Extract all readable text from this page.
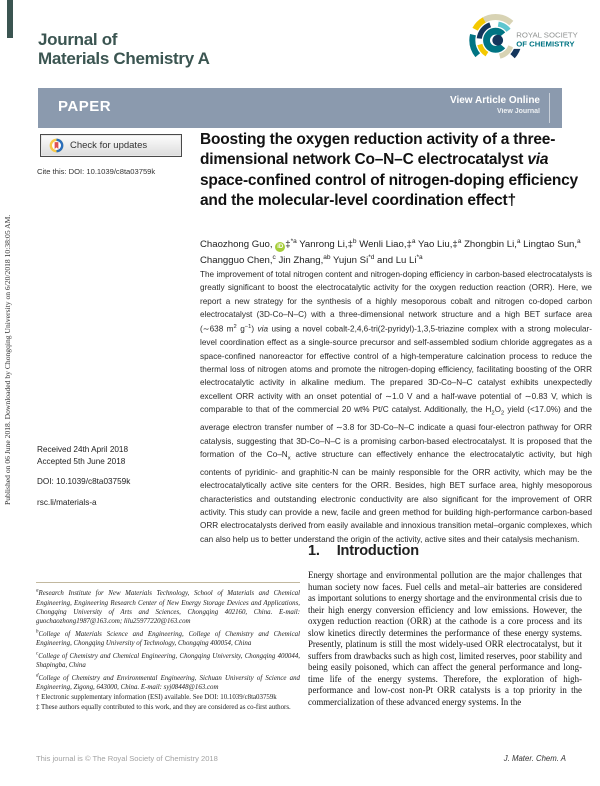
Published on 06 June 2018. Downloaded by Chongqing University on 6/20/2018 10:38:05 AM.
Journal of
Materials Chemistry A
ROYAL SOCIETY
OF CHEMISTRY
PAPER	View Article Online
View Journal
Check for updates
Cite this: DOI: 10.1039/c8ta03759k
Boosting the oxygen reduction activity of a three-dimensional network Co–N–C electrocatalyst via space-confined control of nitrogen-doping efficiency and the molecular-level coordination effect†
Chaozhong Guo, iD ‡$^{*a}$ Yanrong Li,‡$^b$ Wenli Liao,‡$^a$ Yao Liu,‡$^a$ Zhongbin Li,$^a$ Lingtao Sun,$^a$ Changguo Chen,$^c$ Jin Zhang,$^{ab}$ Yujun Si$^{*d}$ and Lu Li$^{*a}$
The improvement of total nitrogen content and nitrogen-doping efficiency in carbon-based electrocatalysts is greatly significant to boost the electrocatalytic activity for the oxygen reduction reaction (ORR). Here, we report a new strategy for the synthesis of a highly mesoporous cobalt and nitrogen co-doped carbon electrocatalyst (3D-Co–N–C) with a three-dimensional network structure and a high BET surface area (∼638 $m^2$ $g^{-1}$) via using a novel cobalt-2,4,6-tri(2-pyridyl)-1,3,5-triazine complex with a strong molecular-level coordination effect as a single-source precursor and self-assembled sodium chloride aggregates as a space-confined nanoreactor for effective control of a high-temperature calcination process to reduce the thermal loss of nitrogen atoms and promote the nitrogen-doping efficiency, facilitating boosting of the ORR electrocatalytic activity in alkaline medium. The prepared 3D-Co–N–C catalyst exhibits unexpectedly excellent ORR activity with an onset potential of ∼1.0 V and a half-wave potential of ∼0.83 V, which is comparable to that of the commercial 20 wt% Pt/C catalyst. Additionally, the $H_2O_2$ yield (<17.0%) and the average electron transfer number of ∼3.8 for 3D-Co–N–C indicate a quasi four-electron pathway for ORR catalysis, suggesting that 3D-Co–N–C is a promising carbon-based electrocatalyst. It is proposed that the formation of the $Co-N_x$ active structure can effectively enhance the electrocatalytic activity, but high contents of pyridinic- and graphitic-N can be mainly responsible for the ORR activity, which may be the electrocatalytically active site centers for the ORR. Besides, high BET surface area, highly mesoporous characteristics and outstanding electronic conductivity are also significant for the improvement of ORR activity. This study can provide a new, facile and green method for building high-performance carbon-based ORR electrocatalysts derived from easily available and innoxious transition metal–organic complexes, which can also help us to better understand the origin of the activity, active sites and their catalysis mechanism.
Received 24th April 2018
Accepted 5th June 2018
DOI: 10.1039/c8ta03759k
rsc.li/materials-a
$^a$Research Institute for New Materials Technology, School of Materials and Chemical Engineering, Engineering Research Center of New Energy Storage Devices and Applications, Chongqing University of Arts and Sciences, Chongqing 402160, China. E-mail: guochaozhong1987@163.com; lilu25977220@163.com
$^b$College of Materials Science and Engineering, College of Chemistry and Chemical Engineering, Chongqing University of Technology, Chongqing 400054, China
$^c$College of Chemistry and Chemical Engineering, Chongqing University, Chongqing 400044, Shapingba, China
$^d$College of Chemistry and Environmental Engineering, Sichuan University of Science and Engineering, Zigong, 643000, China. E-mail: syj08448@163.com
† Electronic supplementary information (ESI) available. See DOI: 10.1039/c8ta03759k
‡ These authors equally contributed to this work, and they are considered as co-first authors.
1. Introduction
Energy shortage and environmental pollution are the major challenges that human society now faces. Fuel cells and metal–air batteries are considered as important solutions to energy shortage and the environmental crisis due to their high energy conversion efficiency and low emissions. However, the oxygen reduction reaction (ORR) at the cathode is a core process and its slow kinetics directly determines the performance of these energy systems. Presently, platinum is still the most widely-used ORR electrocatalyst, but it suffers from drawbacks such as high cost, limited reserves, poor stability and being easily poisoned, which can affect the general performance and long-time life of the energy systems. Therefore, the exploration of high-performance and low-cost non-Pt ORR catalysts is a top priority in the commercialization of these advanced energy systems. In the
This journal is © The Royal Society of Chemistry 2018	J. Mater. Chem. A
